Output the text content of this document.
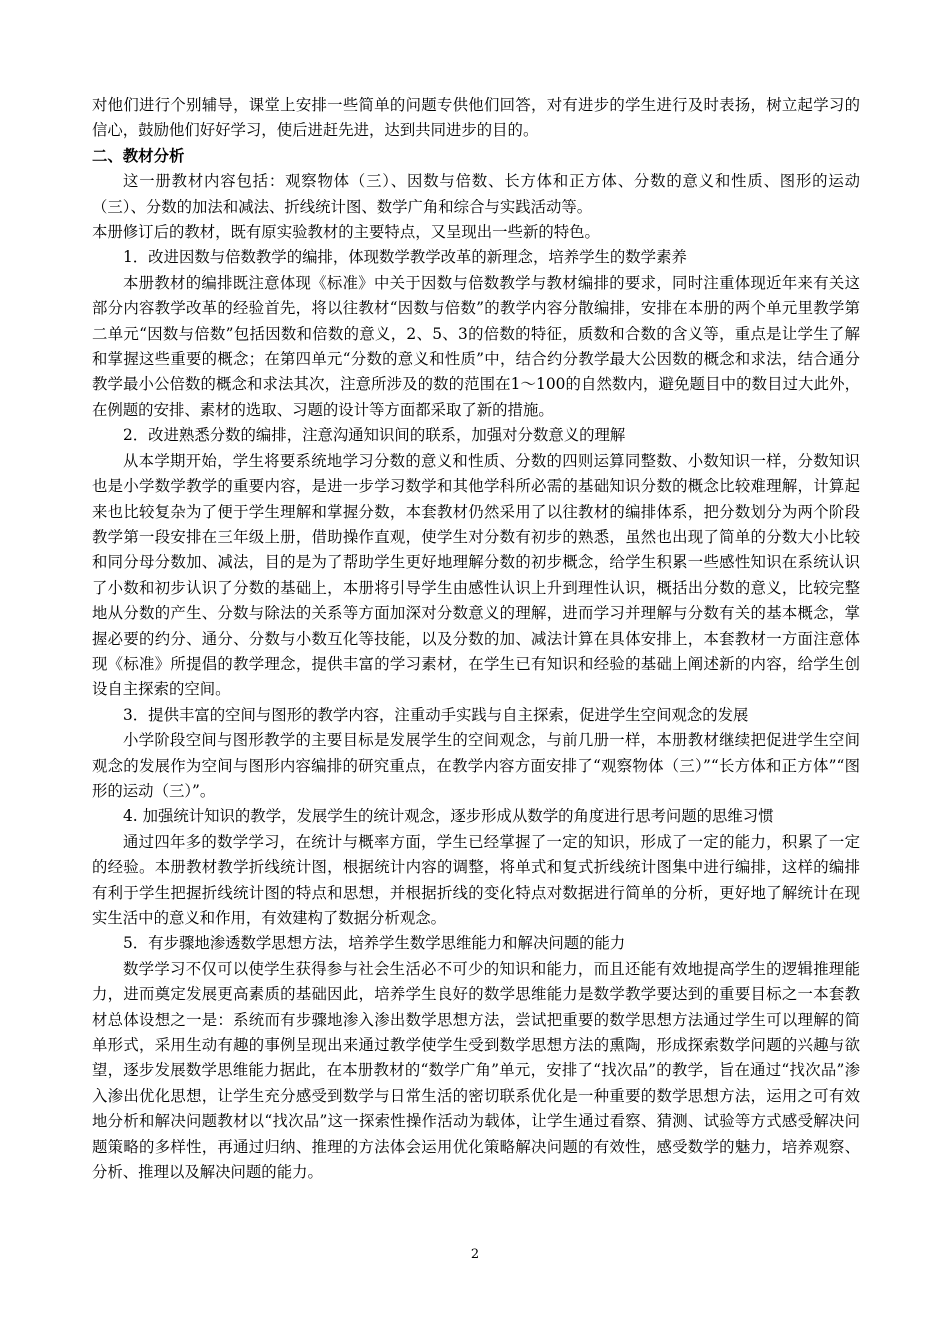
对他们进行个别辅导，课堂上安排一些简单的问题专供他们回答，对有进步的学生进行及时表扬，树立起学习的信心，鼓励他们好好学习，使后进赶先进，达到共同进步的目的。

二、教材分析

这一册教材内容包括：观察物体（三）、因数与倍数、长方体和正方体、分数的意义和性质、图形的运动（三）、分数的加法和减法、折线统计图、数学广角和综合与实践活动等。

本册修订后的教材，既有原实验教材的主要特点，又呈现出一些新的特色。

1．改进因数与倍数教学的编排，体现数学教学改革的新理念，培养学生的数学素养

本册教材的编排既注意体现《标准》中关于因数与倍数教学与教材编排的要求，同时注重体现近年来有关这部分内容教学改革的经验首先，将以往教材“因数与倍数”的教学内容分散编排，安排在本册的两个单元里教学第二单元“因数与倍数”包括因数和倍数的意义，2、5、3的倍数的特征，质数和合数的含义等，重点是让学生了解和掌握这些重要的概念；在第四单元“分数的意义和性质”中，结合约分教学最大公因数的概念和求法，结合通分教学最小公倍数的概念和求法其次，注意所涉及的数的范围在1～100的自然数内，避免题目中的数目过大此外，在例题的安排、素材的选取、习题的设计等方面都采取了新的措施。

2．改进熟悉分数的编排，注意沟通知识间的联系，加强对分数意义的理解

从本学期开始，学生将要系统地学习分数的意义和性质、分数的四则运算同整数、小数知识一样，分数知识也是小学数学教学的重要内容，是进一步学习数学和其他学科所必需的基础知识分数的概念比较难理解，计算起来也比较复杂为了便于学生理解和掌握分数，本套教材仍然采用了以往教材的编排体系，把分数划分为两个阶段教学第一段安排在三年级上册，借助操作直观，使学生对分数有初步的熟悉，虽然也出现了简单的分数大小比较和同分母分数加、减法，目的是为了帮助学生更好地理解分数的初步概念，给学生积累一些感性知识在系统认识了小数和初步认识了分数的基础上，本册将引导学生由感性认识上升到理性认识，概括出分数的意义，比较完整地从分数的产生、分数与除法的关系等方面加深对分数意义的理解，进而学习并理解与分数有关的基本概念，掌握必要的约分、通分、分数与小数互化等技能，以及分数的加、减法计算在具体安排上，本套教材一方面注意体现《标准》所提倡的教学理念，提供丰富的学习素材，在学生已有知识和经验的基础上阐述新的内容，给学生创设自主探索的空间。

3．提供丰富的空间与图形的教学内容，注重动手实践与自主探索，促进学生空间观念的发展

小学阶段空间与图形教学的主要目标是发展学生的空间观念，与前几册一样，本册教材继续把促进学生空间观念的发展作为空间与图形内容编排的研究重点，在教学内容方面安排了“观察物体（三）”“长方体和正方体”“图形的运动（三）”。

4. 加强统计知识的教学，发展学生的统计观念，逐步形成从数学的角度进行思考问题的思维习惯

通过四年多的数学学习，在统计与概率方面，学生已经掌握了一定的知识，形成了一定的能力，积累了一定的经验。本册教材教学折线统计图，根据统计内容的调整，将单式和复式折线统计图集中进行编排，这样的编排有利于学生把握折线统计图的特点和思想，并根据折线的变化特点对数据进行简单的分析，更好地了解统计在现实生活中的意义和作用，有效建构了数据分析观念。

5．有步骤地渗透数学思想方法，培养学生数学思维能力和解决问题的能力

数学学习不仅可以使学生获得参与社会生活必不可少的知识和能力，而且还能有效地提高学生的逻辑推理能力，进而奠定发展更高素质的基础因此，培养学生良好的数学思维能力是数学教学要达到的重要目标之一本套教材总体设想之一是：系统而有步骤地渗入渗出数学思想方法，尝试把重要的数学思想方法通过学生可以理解的简单形式，采用生动有趣的事例呈现出来通过教学使学生受到数学思想方法的熏陶，形成探索数学问题的兴趣与欲望，逐步发展数学思维能力据此，在本册教材的“数学广角”单元，安排了“找次品”的教学，旨在通过“找次品”渗入渗出优化思想，让学生充分感受到数学与日常生活的密切联系优化是一种重要的数学思想方法，运用之可有效地分析和解决问题教材以“找次品”这一探索性操作活动为载体，让学生通过看察、猜测、试验等方式感受解决问题策略的多样性，再通过归纳、推理的方法体会运用优化策略解决问题的有效性，感受数学的魅力，培养观察、分析、推理以及解决问题的能力。

2
